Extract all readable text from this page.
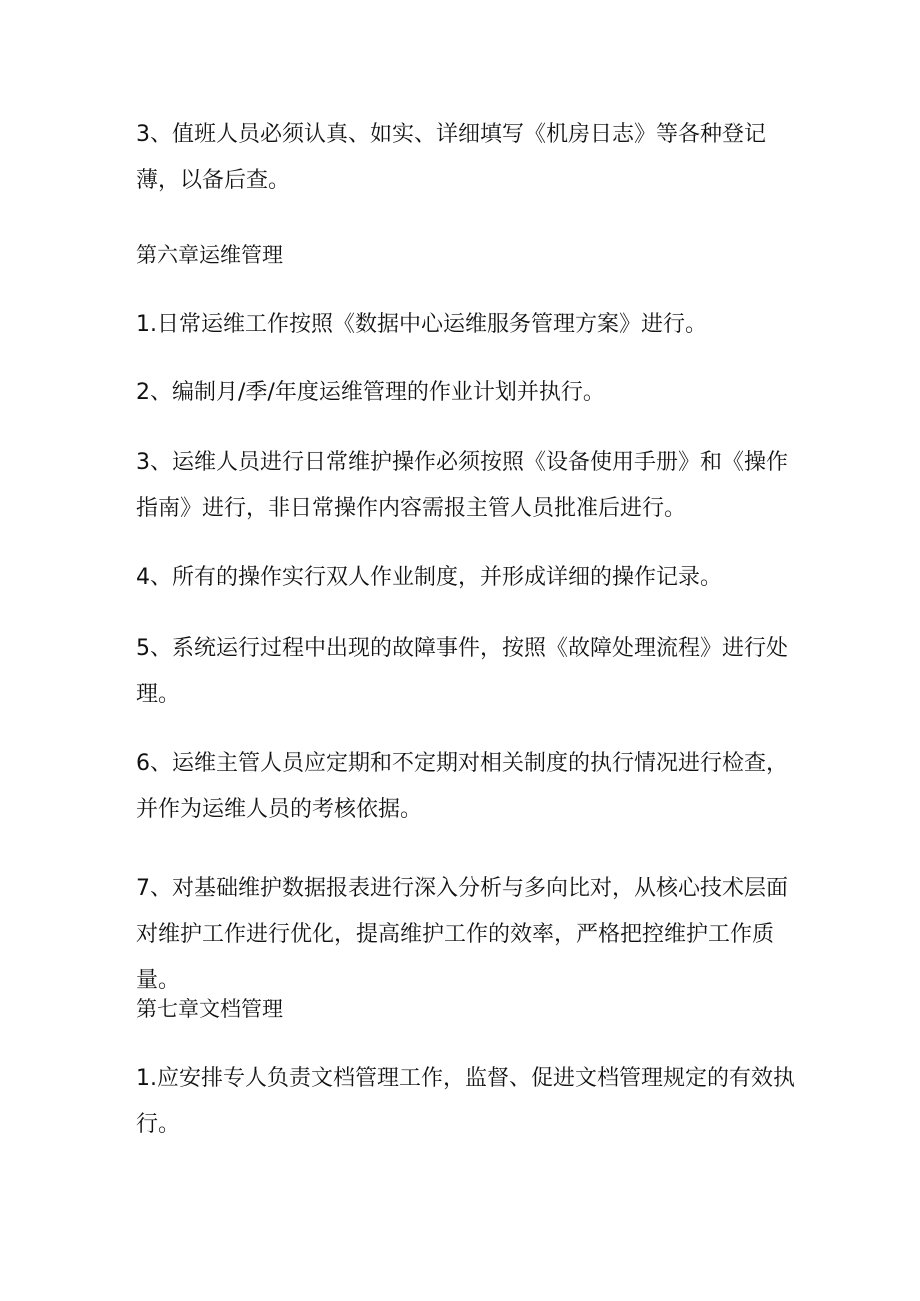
3、值班人员必须认真、如实、详细填写《机房日志》等各种登记薄，以备后查。

第六章运维管理

1.日常运维工作按照《数据中心运维服务管理方案》进行。

2、编制月/季/年度运维管理的作业计划并执行。

3、运维人员进行日常维护操作必须按照《设备使用手册》和《操作指南》进行，非日常操作内容需报主管人员批准后进行。

4、所有的操作实行双人作业制度，并形成详细的操作记录。

5、系统运行过程中出现的故障事件，按照《故障处理流程》进行处理。

6、运维主管人员应定期和不定期对相关制度的执行情况进行检查，并作为运维人员的考核依据。

7、对基础维护数据报表进行深入分析与多向比对，从核心技术层面对维护工作进行优化，提高维护工作的效率，严格把控维护工作质量。

第七章文档管理

1.应安排专人负责文档管理工作，监督、促进文档管理规定的有效执行。
